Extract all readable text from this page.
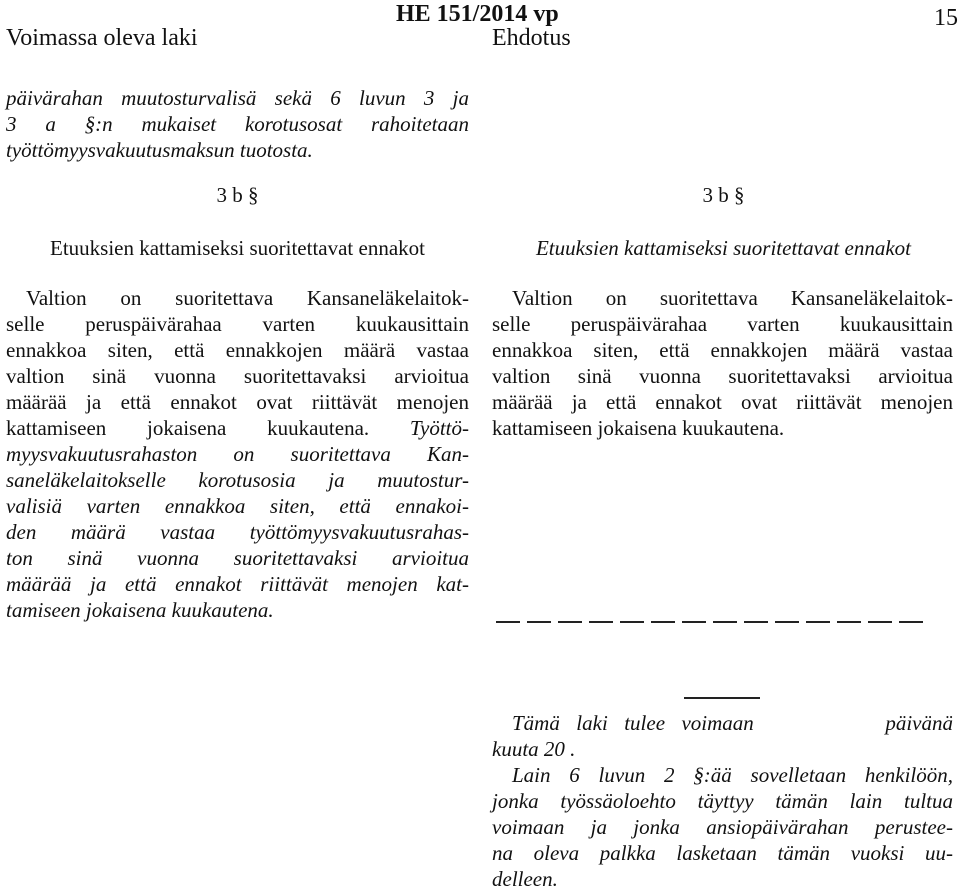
Voimassa oleva laki
HE 151/2014 vp
Ehdotus
15
päivärahan muutosturvalisä sekä 6 luvun 3 ja
3 a §:n mukaiset korotusosat rahoitetaan
työttömyysvakuutusmaksun tuotosta.
3 b §
Etuuksien kattamiseksi suoritettavat ennakot
Valtion on suoritettava Kansaneläkelaitok-
selle peruspäivärahaa varten kuukausittain
ennakkoa siten, että ennakkojen määrä vastaa
valtion sinä vuonna suoritettavaksi arvioitua
määrää ja että ennakot ovat riittävät menojen
kattamiseen jokaisena kuukautena. Työttö-
myysvakuutusrahaston on suoritettava Kan-
saneläkelaitokselle korotusosia ja muutostur-
valisiä varten ennakkoa siten, että ennakoi-
den määrä vastaa työttömyysvakuutusrahas-
ton sinä vuonna suoritettavaksi arvioitua
määrää ja että ennakot riittävät menojen kat-
tamiseen jokaisena kuukautena.
3 b §
Etuuksien kattamiseksi suoritettavat ennakot
Valtion on suoritettava Kansaneläkelaitok-
selle peruspäivärahaa varten kuukausittain
ennakkoa siten, että ennakkojen määrä vastaa
valtion sinä vuonna suoritettavaksi arvioitua
määrää ja että ennakot ovat riittävät menojen
kattamiseen jokaisena kuukautena.
Tämä laki tulee voimaan        päivänä
kuuta 20 .
Lain 6 luvun 2 §:ää sovelletaan henkilöön,
jonka työssäoloehto täyttyy tämän lain tultua
voimaan ja jonka ansiopäivärahan perustee-
na oleva palkka lasketaan tämän vuoksi uu-
delleen.
